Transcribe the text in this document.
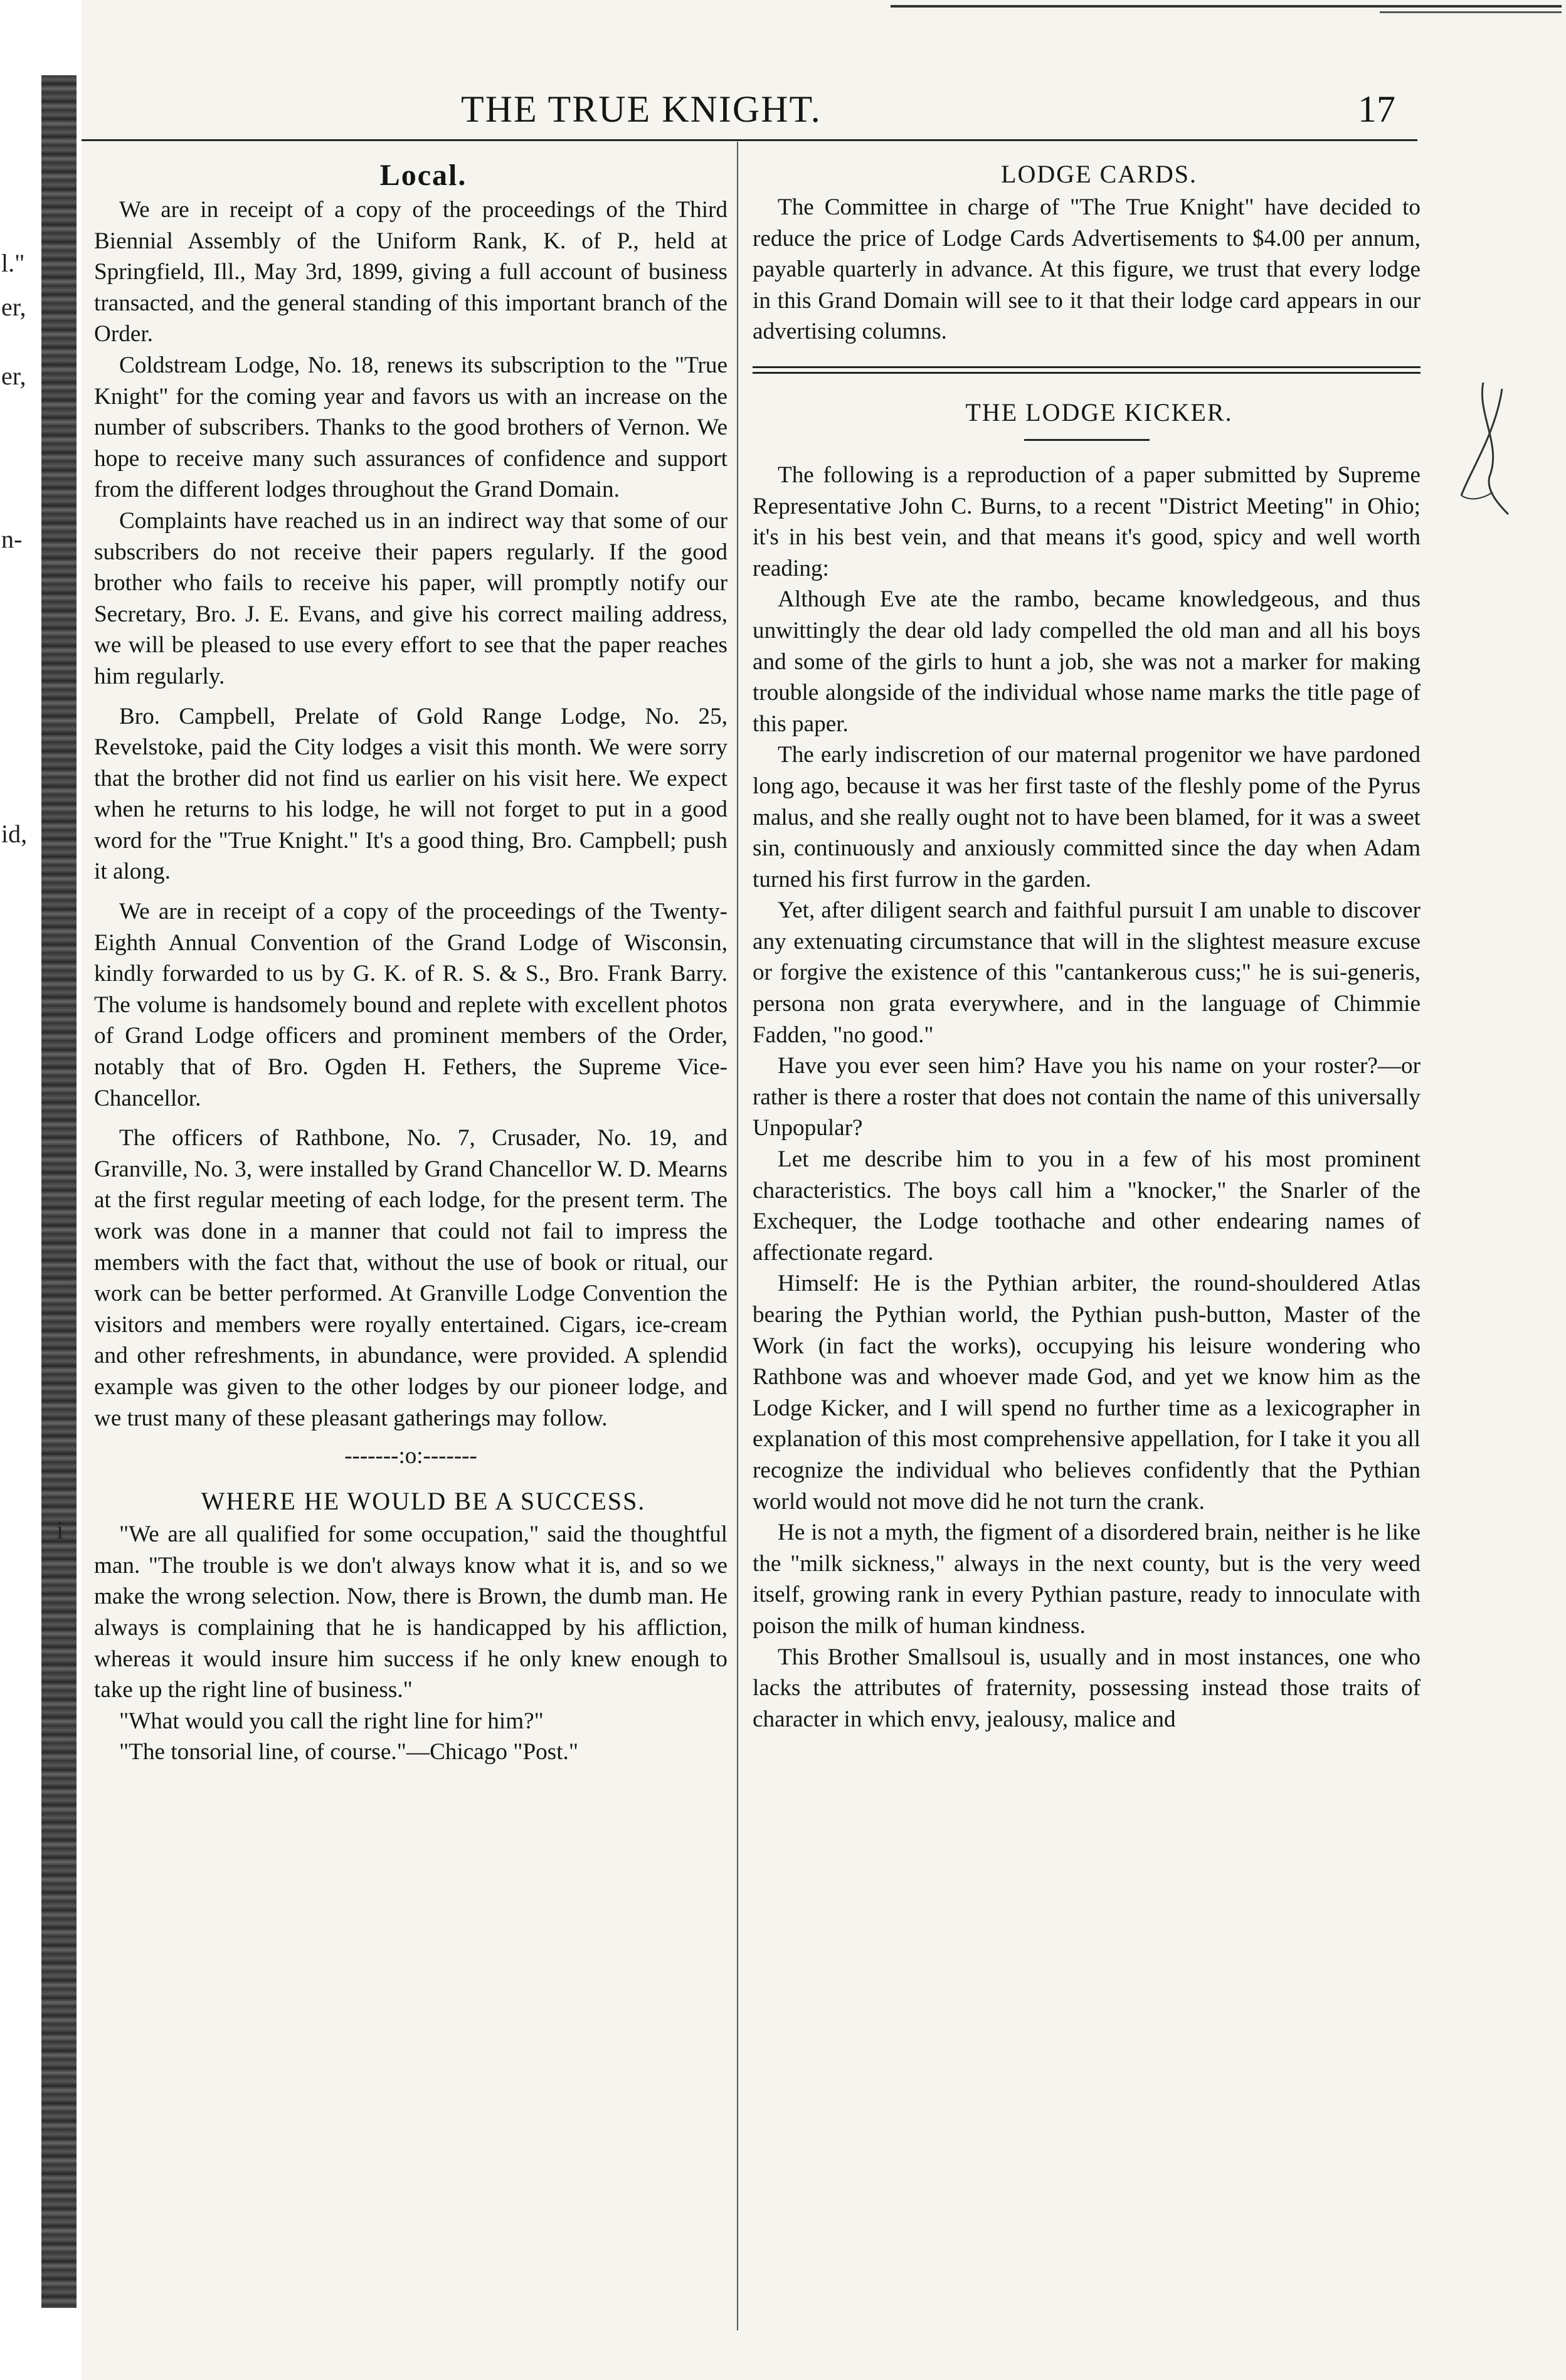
l."
er,
er,
n-
id,
i
THE TRUE KNIGHT.	17

Local.

We are in receipt of a copy of the proceedings of the Third Biennial Assembly of the Uniform Rank, K. of P., held at Springfield, Ill., May 3rd, 1899, giving a full account of business transacted, and the general standing of this important branch of the Order.

Coldstream Lodge, No. 18, renews its subscription to the "True Knight" for the coming year and favors us with an increase on the number of subscribers. Thanks to the good brothers of Vernon. We hope to receive many such assurances of confidence and support from the different lodges throughout the Grand Domain.

Complaints have reached us in an indirect way that some of our subscribers do not receive their papers regularly. If the good brother who fails to receive his paper, will promptly notify our Secretary, Bro. J. E. Evans, and give his correct mailing address, we will be pleased to use every effort to see that the paper reaches him regularly.

Bro. Campbell, Prelate of Gold Range Lodge, No. 25, Revelstoke, paid the City lodges a visit this month. We were sorry that the brother did not find us earlier on his visit here. We expect when he returns to his lodge, he will not forget to put in a good word for the "True Knight." It's a good thing, Bro. Campbell; push it along.

We are in receipt of a copy of the proceedings of the Twenty-Eighth Annual Convention of the Grand Lodge of Wisconsin, kindly forwarded to us by G. K. of R. S. & S., Bro. Frank Barry. The volume is handsomely bound and replete with excellent photos of Grand Lodge officers and prominent members of the Order, notably that of Bro. Ogden H. Fethers, the Supreme Vice-Chancellor.

The officers of Rathbone, No. 7, Crusader, No. 19, and Granville, No. 3, were installed by Grand Chancellor W. D. Mearns at the first regular meeting of each lodge, for the present term. The work was done in a manner that could not fail to impress the members with the fact that, without the use of book or ritual, our work can be better performed. At Granville Lodge Convention the visitors and members were royally entertained. Cigars, ice-cream and other refreshments, in abundance, were provided. A splendid example was given to the other lodges by our pioneer lodge, and we trust many of these pleasant gatherings may follow.

-------:o:-------

WHERE HE WOULD BE A SUCCESS.

"We are all qualified for some occupation," said the thoughtful man. "The trouble is we don't always know what it is, and so we make the wrong selection. Now, there is Brown, the dumb man. He always is complaining that he is handicapped by his affliction, whereas it would insure him success if he only knew enough to take up the right line of business."

"What would you call the right line for him?"

"The tonsorial line, of course."—Chicago "Post."

LODGE CARDS.

The Committee in charge of "The True Knight" have decided to reduce the price of Lodge Cards Advertisements to $4.00 per annum, payable quarterly in advance. At this figure, we trust that every lodge in this Grand Domain will see to it that their lodge card appears in our advertising columns.

THE LODGE KICKER.

The following is a reproduction of a paper submitted by Supreme Representative John C. Burns, to a recent "District Meeting" in Ohio; it's in his best vein, and that means it's good, spicy and well worth reading:

Although Eve ate the rambo, became knowledgeous, and thus unwittingly the dear old lady compelled the old man and all his boys and some of the girls to hunt a job, she was not a marker for making trouble alongside of the individual whose name marks the title page of this paper.

The early indiscretion of our maternal progenitor we have pardoned long ago, because it was her first taste of the fleshly pome of the Pyrus malus, and she really ought not to have been blamed, for it was a sweet sin, continuously and anxiously committed since the day when Adam turned his first furrow in the garden.

Yet, after diligent search and faithful pursuit I am unable to discover any extenuating circumstance that will in the slightest measure excuse or forgive the existence of this "cantankerous cuss;" he is sui-generis, persona non grata everywhere, and in the language of Chimmie Fadden, "no good."

Have you ever seen him? Have you his name on your roster?—or rather is there a roster that does not contain the name of this universally Unpopular?

Let me describe him to you in a few of his most prominent characteristics. The boys call him a "knocker," the Snarler of the Exchequer, the Lodge toothache and other endearing names of affectionate regard.

Himself: He is the Pythian arbiter, the round-shouldered Atlas bearing the Pythian world, the Pythian push-button, Master of the Work (in fact the works), occupying his leisure wondering who Rathbone was and whoever made God, and yet we know him as the Lodge Kicker, and I will spend no further time as a lexicographer in explanation of this most comprehensive appellation, for I take it you all recognize the individual who believes confidently that the Pythian world would not move did he not turn the crank.

He is not a myth, the figment of a disordered brain, neither is he like the "milk sickness," always in the next county, but is the very weed itself, growing rank in every Pythian pasture, ready to innoculate with poison the milk of human kindness.

This Brother Smallsoul is, usually and in most instances, one who lacks the attributes of fraternity, possessing instead those traits of character in which envy, jealousy, malice and
